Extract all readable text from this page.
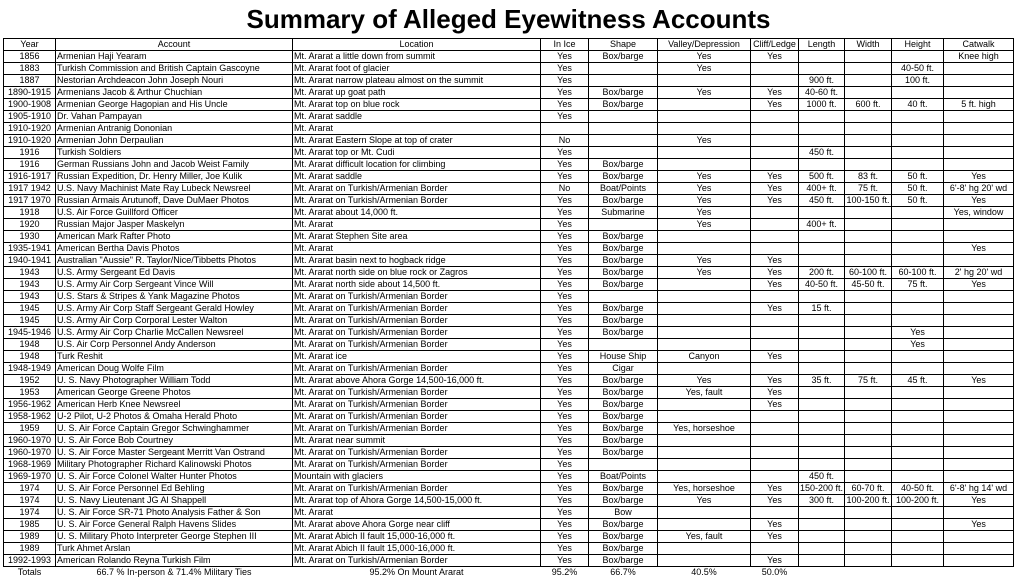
Summary of Alleged Eyewitness Accounts
Year	Account	Location	In Ice	Shape	Valley/Depression	Cliff/Ledge	Length	Width	Height	Catwalk
1856	Armenian Haji Yearam	Mt. Ararat a little down from summit	Yes	Box/barge	Yes	Yes				Knee high
1883	Turkish Commission and British Captain Gascoyne	Mt. Ararat foot of glacier	Yes		Yes				40-50 ft.	
1887	Nestorian Archdeacon John Joseph Nouri	Mt. Ararat narrow plateau almost on the summit	Yes				900 ft.		100 ft.	
1890-1915	Armenians Jacob & Arthur Chuchian	Mt. Ararat up goat path	Yes	Box/barge	Yes	Yes	40-60 ft.			
1900-1908	Armenian George Hagopian and His Uncle	Mt. Ararat top on blue rock	Yes	Box/barge		Yes	1000 ft.	600 ft.	40 ft.	5 ft. high
1905-1910	Dr. Vahan Pampayan	Mt. Ararat saddle	Yes							
1910-1920	Armenian Antranig Dononian	Mt. Ararat								
1910-1920	Armenian John Derpaulian	Mt. Ararat Eastern Slope at top of crater	No		Yes					
1916	Turkish Soldiers	Mt. Ararat top or Mt. Cudi	Yes				450 ft.			
1916	German Russians John and Jacob Weist Family	Mt. Ararat difficult location for climbing	Yes	Box/barge						
1916-1917	Russian Expedition, Dr. Henry Miller, Joe Kulik	Mt. Ararat saddle	Yes	Box/barge	Yes	Yes	500 ft.	83 ft.	50 ft.	Yes
1917 1942	U.S. Navy Machinist Mate Ray Lubeck Newsreel	Mt. Ararat on Turkish/Armenian Border	No	Boat/Points	Yes	Yes	400+ ft.	75 ft.	50 ft.	6'-8' hg 20' wd
1917 1970	Russian Armais Arutunoff, Dave DuMaer Photos	Mt. Ararat on Turkish/Armenian Border	Yes	Box/barge	Yes	Yes	450 ft.	100-150 ft.	50 ft.	Yes
1918	U.S. Air Force Guillford Officer	Mt. Ararat about 14,000 ft.	Yes	Submarine	Yes					Yes, window
1920	Russian Major Jasper Maskelyn	Mt. Ararat	Yes		Yes		400+ ft.			
1930	American Mark Rafter Photo	Mt. Ararat Stephen Site area	Yes	Box/barge						
1935-1941	American Bertha Davis Photos	Mt. Ararat	Yes	Box/barge						Yes
1940-1941	Australian "Aussie" R. Taylor/Nice/Tibbetts Photos	Mt. Ararat basin next to hogback ridge	Yes	Box/barge	Yes	Yes				
1943	U.S. Army Sergeant Ed Davis	Mt. Ararat north side on blue rock or Zagros	Yes	Box/barge	Yes	Yes	200 ft.	60-100 ft.	60-100 ft.	2' hg 20' wd
1943	U.S. Army Air Corp Sergeant Vince Will	Mt. Ararat north side about 14,500 ft.	Yes	Box/barge		Yes	40-50 ft.	45-50 ft.	75 ft.	Yes
1943	U.S. Stars & Stripes & Yank Magazine Photos	Mt. Ararat on Turkish/Armenian Border	Yes							
1945	U.S. Army Air Corp Staff Sergeant Gerald Howley	Mt. Ararat on Turkish/Armenian Border	Yes	Box/barge		Yes	15 ft.			
1945	U.S. Army Air Corp Corporal Lester Walton	Mt. Ararat on Turkish/Armenian Border	Yes	Box/barge						
1945-1946	U.S. Army Air Corp Charlie McCallen Newsreel	Mt. Ararat on Turkish/Armenian Border	Yes	Box/barge					Yes	
1948	U.S. Air Corp Personnel Andy Anderson	Mt. Ararat on Turkish/Armenian Border	Yes						Yes	
1948	Turk Reshit	Mt. Ararat ice	Yes	House Ship	Canyon	Yes				
1948-1949	American Doug Wolfe Film	Mt. Ararat on Turkish/Armenian Border	Yes	Cigar						
1952	U. S. Navy Photographer William Todd	Mt. Ararat above Ahora Gorge 14,500-16,000 ft.	Yes	Box/barge	Yes	Yes	35 ft.	75 ft.	45 ft.	Yes
1953	American George Greene Photos	Mt. Ararat on Turkish/Armenian Border	Yes	Box/barge	Yes, fault	Yes				
1956-1962	American Herb Knee Newsreel	Mt. Ararat on Turkish/Armenian Border	Yes	Box/barge		Yes				
1958-1962	U-2 Pilot, U-2 Photos & Omaha Herald Photo	Mt. Ararat on Turkish/Armenian Border	Yes	Box/barge						
1959	U. S. Air Force Captain Gregor Schwinghammer	Mt. Ararat on Turkish/Armenian Border	Yes	Box/barge	Yes, horseshoe					
1960-1970	U. S. Air Force Bob Courtney	Mt. Ararat near summit	Yes	Box/barge						
1960-1970	U. S. Air Force Master Sergeant Merritt Van Ostrand	Mt. Ararat on Turkish/Armenian Border	Yes	Box/barge						
1968-1969	Military Photographer Richard Kalinowski Photos	Mt. Ararat on Turkish/Armenian Border	Yes							
1969-1970	U. S. Air Force Colonel Walter Hunter Photos	Mountain with glaciers	Yes	Boat/Points			450 ft.			
1974	U. S. Air Force Personnel Ed Behling	Mt. Ararat on Turkish/Armenian Border	Yes	Box/barge	Yes, horseshoe	Yes	150-200 ft.	60-70 ft.	40-50 ft.	6'-8' hg 14' wd
1974	U. S. Navy Lieutenant JG Al Shappell	Mt. Ararat top of Ahora Gorge 14,500-15,000 ft.	Yes	Box/barge	Yes	Yes	300 ft.	100-200 ft.	100-200 ft.	Yes
1974	U. S. Air Force SR-71 Photo Analysis Father & Son	Mt. Ararat	Yes	Bow						
1985	U. S. Air Force General Ralph Havens Slides	Mt. Ararat above Ahora Gorge near cliff	Yes	Box/barge		Yes				Yes
1989	U. S. Military Photo Interpreter George Stephen III	Mt. Ararat Abich II fault 15,000-16,000 ft.	Yes	Box/barge	Yes, fault	Yes				
1989	Turk Ahmet Arslan	Mt. Ararat Abich II fault 15,000-16,000 ft.	Yes	Box/barge						
1992-1993	American Rolando Reyna Turkish Film	Mt. Ararat on Turkish/Armenian Border	Yes	Box/barge		Yes				
Totals	66.7 % In-person & 71.4% Military Ties	95.2% On Mount Ararat	95.2%	66.7%	40.5%	50.0%				
